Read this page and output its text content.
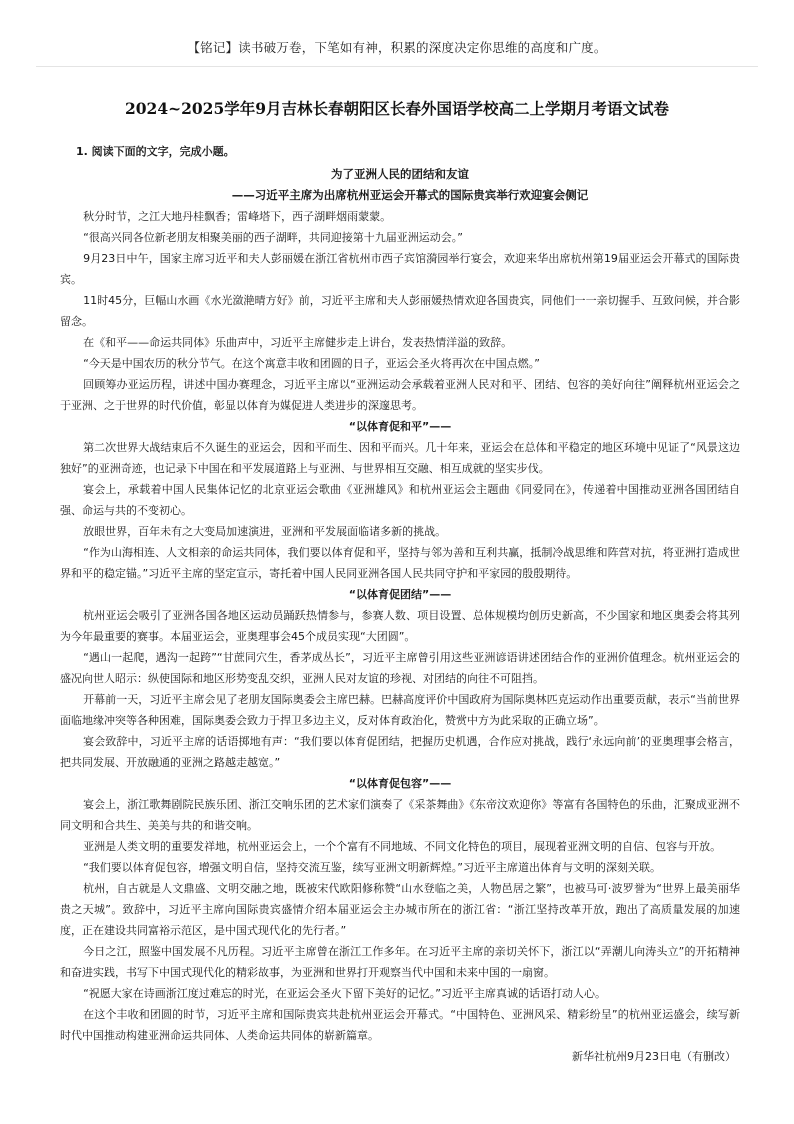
【铭记】读书破万卷，下笔如有神，积累的深度决定你思维的高度和广度。
2024~2025学年9月吉林长春朝阳区长春外国语学校高二上学期月考语文试卷
1. 阅读下面的文字，完成小题。
为了亚洲人民的团结和友谊
——习近平主席为出席杭州亚运会开幕式的国际贵宾举行欢迎宴会侧记

秋分时节，之江大地丹桂飘香；雷峰塔下，西子湖畔烟雨蒙蒙。

“很高兴同各位新老朋友相聚美丽的西子湖畔，共同迎接第十九届亚洲运动会。”

9月23日中午，国家主席习近平和夫人彭丽媛在浙江省杭州市西子宾馆漪园举行宴会，欢迎来华出席杭州第19届亚运会开幕式的国际贵宾。

11时45分，巨幅山水画《水光潋滟晴方好》前，习近平主席和夫人彭丽媛热情欢迎各国贵宾，同他们一一亲切握手、互致问候，并合影留念。

在《和平——命运共同体》乐曲声中，习近平主席健步走上讲台，发表热情洋溢的致辞。

“今天是中国农历的秋分节气。在这个寓意丰收和团圆的日子，亚运会圣火将再次在中国点燃。”

回顾筹办亚运历程，讲述中国办赛理念，习近平主席以“亚洲运动会承载着亚洲人民对和平、团结、包容的美好向往”阐释杭州亚运会之于亚洲、之于世界的时代价值，彰显以体育为媒促进人类进步的深邃思考。

“以体育促和平”——

第二次世界大战结束后不久诞生的亚运会，因和平而生、因和平而兴。几十年来，亚运会在总体和平稳定的地区环境中见证了“风景这边独好”的亚洲奇迹，也记录下中国在和平发展道路上与亚洲、与世界相互交融、相互成就的坚实步伐。

宴会上，承载着中国人民集体记忆的北京亚运会歌曲《亚洲雄风》和杭州亚运会主题曲《同爱同在》，传递着中国推动亚洲各国团结自强、命运与共的不变初心。

放眼世界，百年未有之大变局加速演进，亚洲和平发展面临诸多新的挑战。

“作为山海相连、人文相亲的命运共同体，我们要以体育促和平，坚持与邻为善和互利共赢，抵制冷战思维和阵营对抗，将亚洲打造成世界和平的稳定锚。”习近平主席的坚定宣示，寄托着中国人民同亚洲各国人民共同守护和平家园的殷殷期待。

“以体育促团结”——

杭州亚运会吸引了亚洲各国各地区运动员踊跃热情参与，参赛人数、项目设置、总体规模均创历史新高，不少国家和地区奥委会将其列为今年最重要的赛事。本届亚运会，亚奥理事会45个成员实现“大团圆”。

“遇山一起爬，遇沟一起跨”“甘蔗同穴生，香茅成丛长”，习近平主席曾引用这些亚洲谚语讲述团结合作的亚洲价值理念。杭州亚运会的盛况向世人昭示：纵使国际和地区形势变乱交织，亚洲人民对友谊的珍视、对团结的向往不可阻挡。

开幕前一天，习近平主席会见了老朋友国际奥委会主席巴赫。巴赫高度评价中国政府为国际奥林匹克运动作出重要贡献，表示“当前世界面临地缘冲突等各种困难，国际奥委会致力于捍卫多边主义，反对体育政治化，赞赏中方为此采取的正确立场”。

宴会致辞中，习近平主席的话语掷地有声：“我们要以体育促团结，把握历史机遇，合作应对挑战，践行‘永远向前’的亚奥理事会格言，把共同发展、开放融通的亚洲之路越走越宽。”

“以体育促包容”——

宴会上，浙江歌舞剧院民族乐团、浙江交响乐团的艺术家们演奏了《采茶舞曲》《东帝汶欢迎你》等富有各国特色的乐曲，汇聚成亚洲不同文明和合共生、美美与共的和谐交响。

亚洲是人类文明的重要发祥地，杭州亚运会上，一个个富有不同地域、不同文化特色的项目，展现着亚洲文明的自信、包容与开放。

“我们要以体育促包容，增强文明自信，坚持交流互鉴，续写亚洲文明新辉煌。”习近平主席道出体育与文明的深刻关联。

杭州，自古就是人文鼎盛、文明交融之地，既被宋代欧阳修称赞“山水登临之美，人物邑居之繁”，也被马可·波罗誉为“世界上最美丽华贵之天城”。致辞中，习近平主席向国际贵宾盛情介绍本届亚运会主办城市所在的浙江省：“浙江坚持改革开放，跑出了高质量发展的加速度，正在建设共同富裕示范区，是中国式现代化的先行者。”

今日之江，照鉴中国发展不凡历程。习近平主席曾在浙江工作多年。在习近平主席的亲切关怀下，浙江以“弄潮儿向涛头立”的开拓精神和奋进实践，书写下中国式现代化的精彩故事，为亚洲和世界打开观察当代中国和未来中国的一扇窗。

“祝愿大家在诗画浙江度过难忘的时光，在亚运会圣火下留下美好的记忆。”习近平主席真诚的话语打动人心。

在这个丰收和团圆的时节，习近平主席和国际贵宾共赴杭州亚运会开幕式。“中国特色、亚洲风采、精彩纷呈”的杭州亚运盛会，续写新时代中国推动构建亚洲命运共同体、人类命运共同体的崭新篇章。

新华社杭州9月23日电（有删改）
